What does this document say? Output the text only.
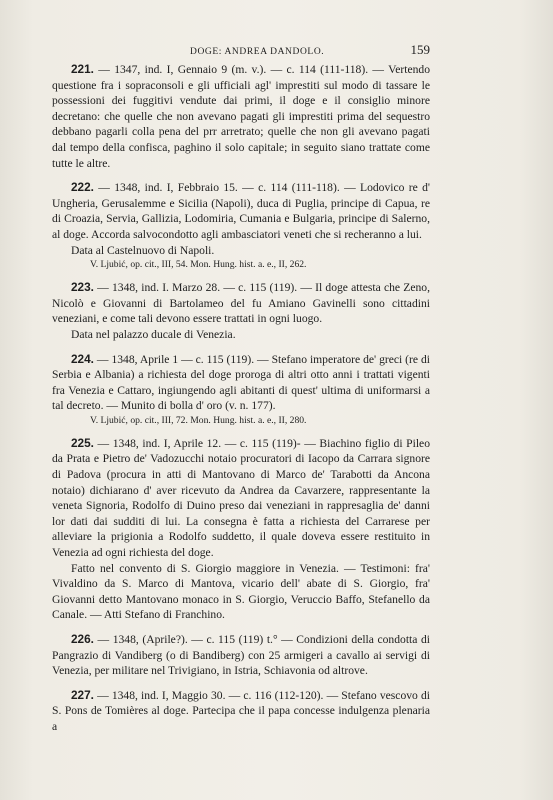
DOGE: ANDREA DANDOLO.	159

221. — 1347, ind. I, Gennaio 9 (m. v.). — c. 114 (111-118). — Vertendo questione fra i sopraconsoli e gli ufficiali agl' imprestiti sul modo di tassare le possessioni dei fuggitivi vendute dai primi, il doge e il consiglio minore decretano: che quelle che non avevano pagati gli imprestiti prima del sequestro debbano pagarli colla pena del prr arretrato; quelle che non gli avevano pagati dal tempo della confisca, paghino il solo capitale; in seguito siano trattate come tutte le altre.

222. — 1348, ind. I, Febbraio 15. — c. 114 (111-118). — Lodovico re d' Ungheria, Gerusalemme e Sicilia (Napoli), duca di Puglia, principe di Capua, re di Croazia, Servia, Gallizia, Lodomiria, Cumania e Bulgaria, principe di Salerno, al doge. Accorda salvocondotto agli ambasciatori veneti che si recheranno a lui.

Data al Castelnuovo di Napoli.

V. Ljubić, op. cit., III, 54. Mon. Hung. hist. a. e., II, 262.

223. — 1348, ind. I. Marzo 28. — c. 115 (119). — Il doge attesta che Zeno, Nicolò e Giovanni di Bartolameo del fu Amiano Gavinelli sono cittadini veneziani, e come tali devono essere trattati in ogni luogo.

Data nel palazzo ducale di Venezia.

224. — 1348, Aprile 1 — c. 115 (119). — Stefano imperatore de' greci (re di Serbia e Albania) a richiesta del doge proroga di altri otto anni i trattati vigenti fra Venezia e Cattaro, ingiungendo agli abitanti di quest' ultima di uniformarsi a tal decreto. — Munito di bolla d' oro (v. n. 177).

V. Ljubić, op. cit., III, 72. Mon. Hung. hist. a. e., II, 280.

225. — 1348, ind. I, Aprile 12. — c. 115 (119)- — Biachino figlio di Pileo da Prata e Pietro de' Vadozucchi notaio procuratori di Iacopo da Carrara signore di Padova (procura in atti di Mantovano di Marco de' Tarabotti da Ancona notaio) dichiarano d' aver ricevuto da Andrea da Cavarzere, rappresentante la veneta Signoria, Rodolfo di Duino preso dai veneziani in rappresaglia de' danni lor dati dai sudditi di lui. La consegna è fatta a richiesta del Carrarese per alleviare la prigionia a Rodolfo suddetto, il quale doveva essere restituito in Venezia ad ogni richiesta del doge.

Fatto nel convento di S. Giorgio maggiore in Venezia. — Testimoni: fra' Vivaldino da S. Marco di Mantova, vicario dell' abate di S. Giorgio, fra' Giovanni detto Mantovano monaco in S. Giorgio, Veruccio Baffo, Stefanello da Canale. — Atti Stefano di Franchino.

226. — 1348, (Aprile?). — c. 115 (119) t.° — Condizioni della condotta di Pangrazio di Vandiberg (o di Bandiberg) con 25 armigeri a cavallo ai servigi di Venezia, per militare nel Trivigiano, in Istria, Schiavonia od altrove.

227. — 1348, ind. I, Maggio 30. — c. 116 (112-120). — Stefano vescovo di S. Pons de Tomières al doge. Partecipa che il papa concesse indulgenza plenaria a
